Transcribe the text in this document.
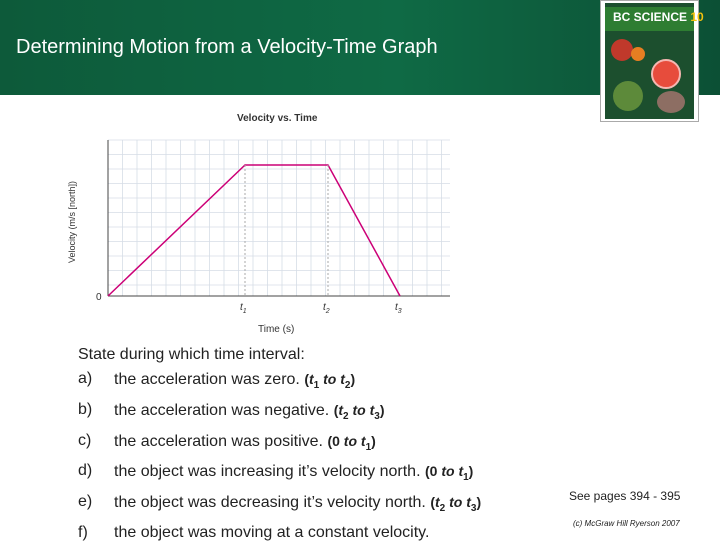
Determining Motion from a Velocity-Time Graph
BC SCIENCE 10
Velocity vs. Time
Velocity (m/s [north])
0
Time (s)
$t_1$	$t_2$	$t_3$
State during which time interval:
a)	the acceleration was zero. ($t_1$ to $t_2$)
b)	the acceleration was negative. ($t_2$ to $t_3$)
c)	the acceleration was positive. (0 to $t_1$)
d)	the object was increasing it’s velocity north. (0 to $t_1$)
e)	the object was decreasing it’s velocity north. ($t_2$ to $t_3$)
f)	the object was moving at a constant velocity.
See pages 394 - 395
(c) McGraw Hill Ryerson 2007
